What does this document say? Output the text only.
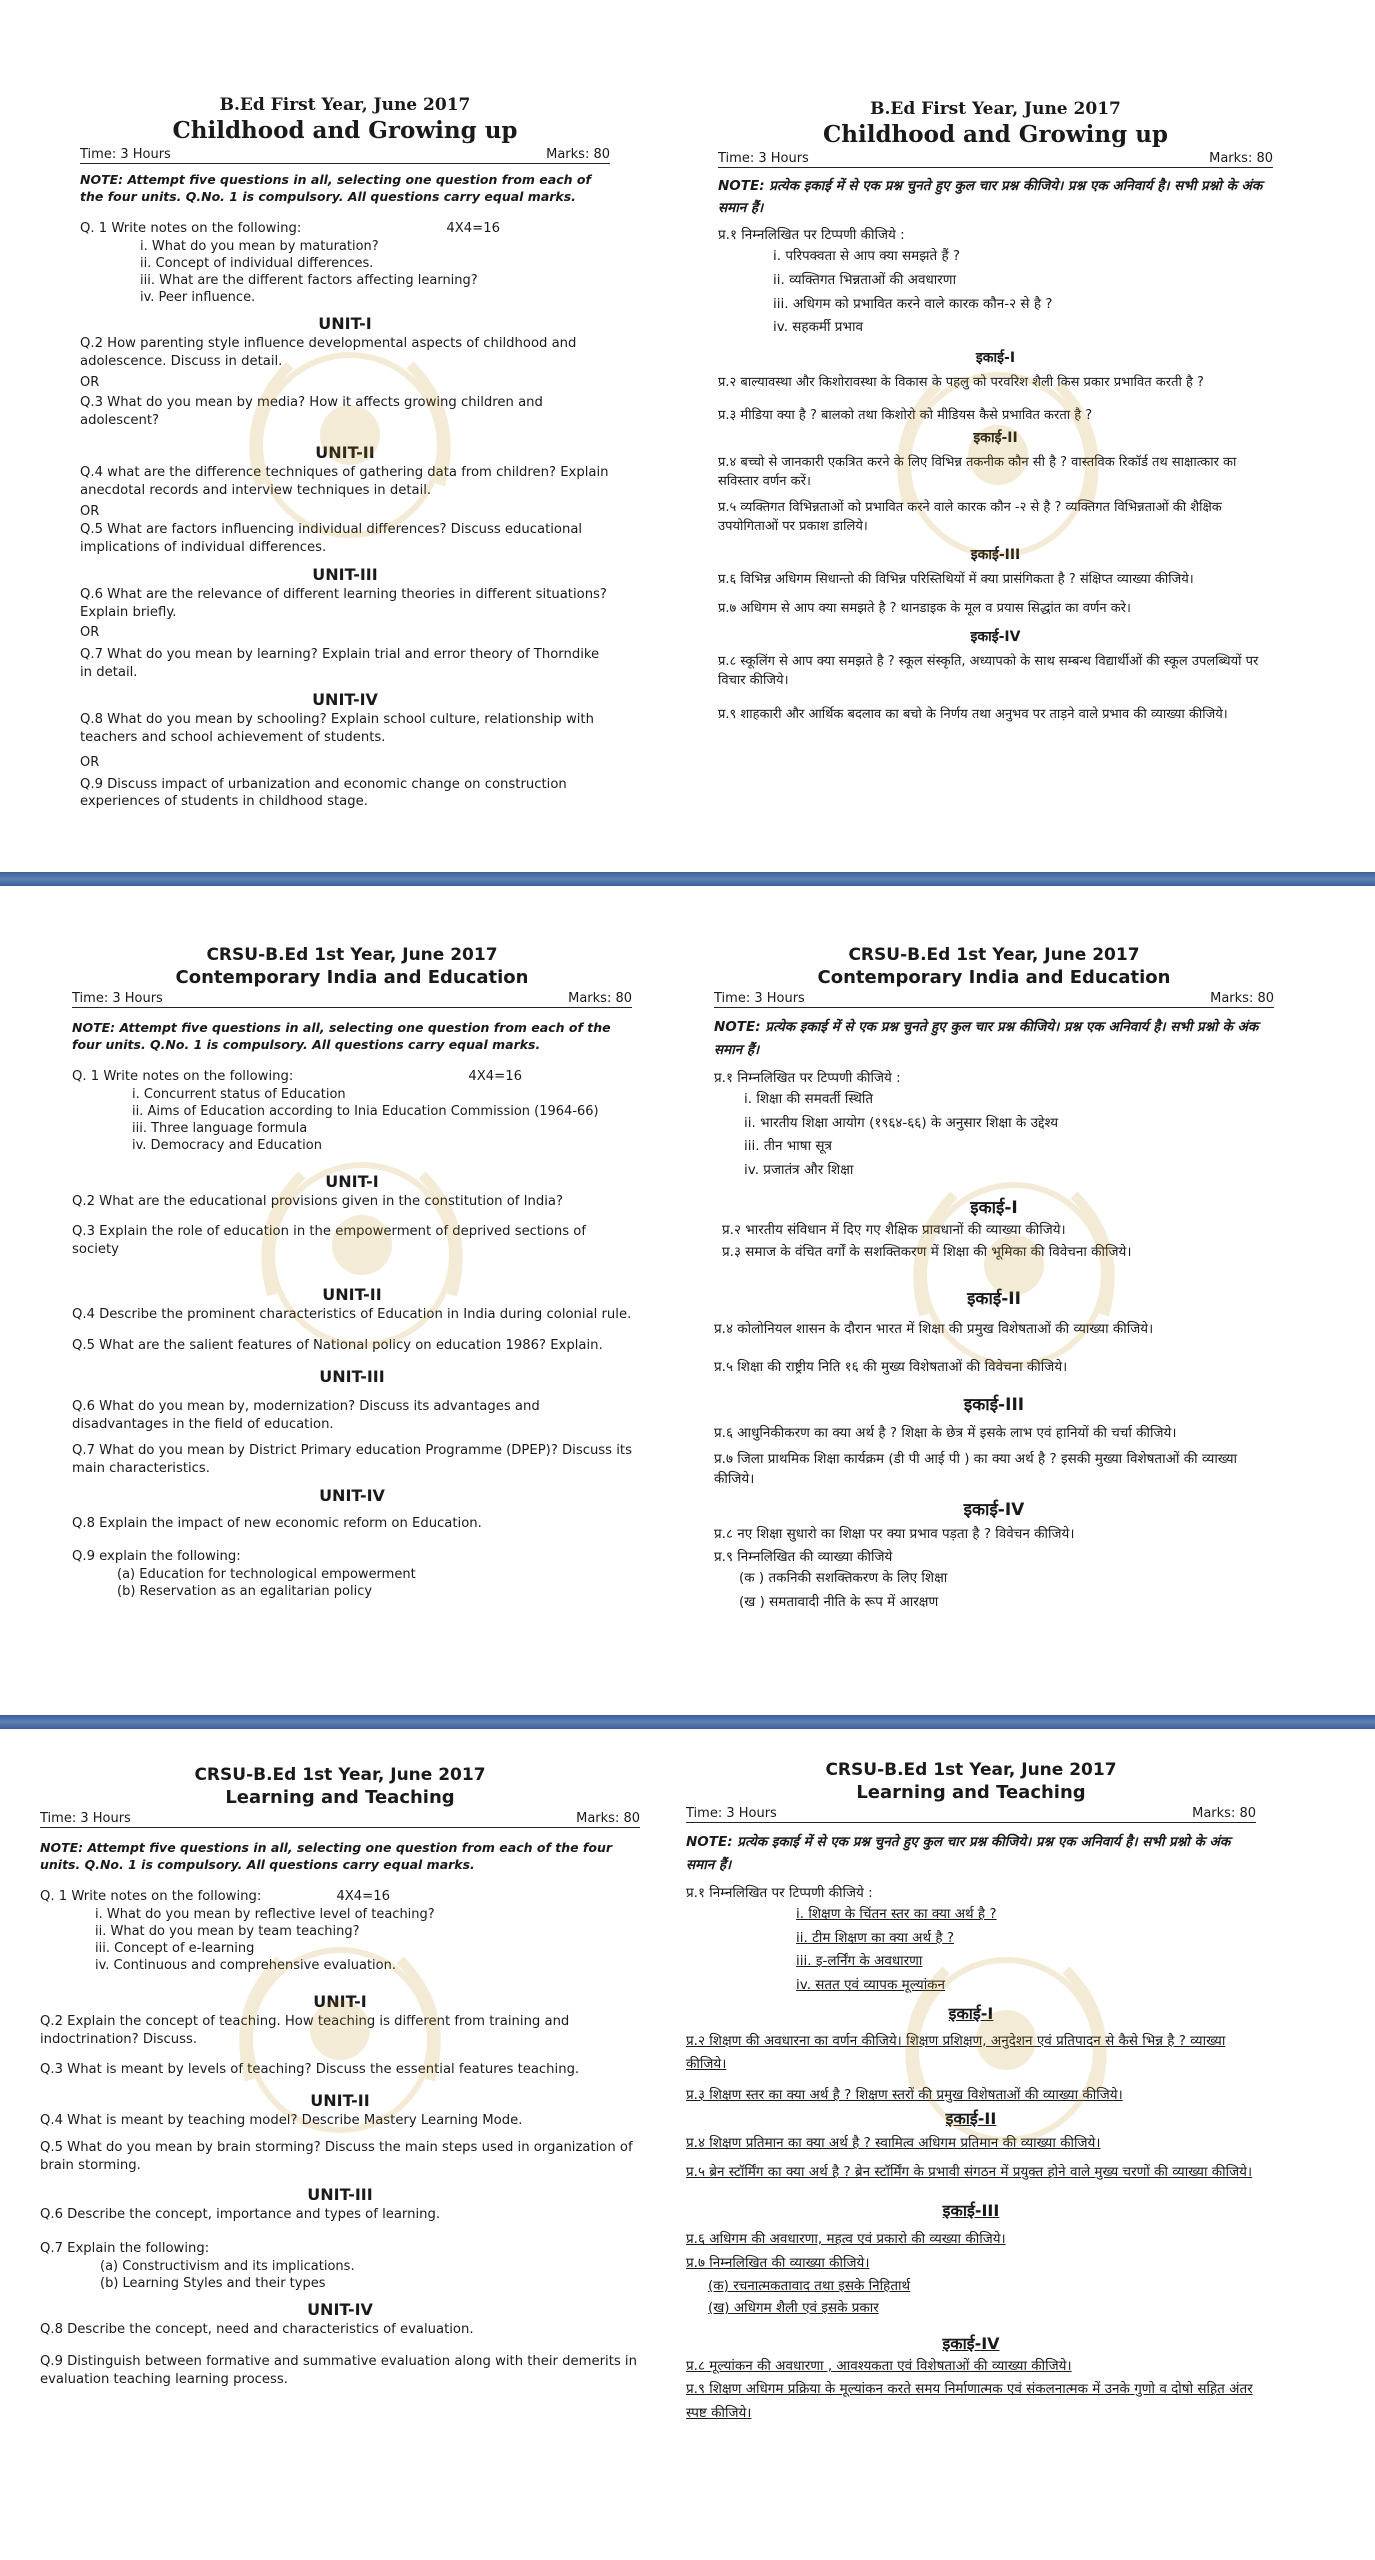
B.Ed First Year, June 2017
Childhood and Growing up
Time: 3 Hours	Marks: 80
NOTE: Attempt five questions in all, selecting one question from each of the four units. Q.No. 1 is compulsory. All questions carry equal marks.
Q. 1 Write notes on the following:	4X4=16
i. What do you mean by maturation?
ii. Concept of individual differences.
iii. What are the different factors affecting learning?
iv. Peer influence.
UNIT-I
Q.2 How parenting style influence developmental aspects of childhood and adolescence. Discuss in detail.
OR
Q.3 What do you mean by media? How it affects growing children and adolescent?
UNIT-II
Q.4 what are the difference techniques of gathering data from children? Explain anecdotal records and interview techniques in detail.
OR
Q.5 What are factors influencing individual differences? Discuss educational implications of individual differences.
UNIT-III
Q.6 What are the relevance of different learning theories in different situations? Explain briefly.
OR
Q.7 What do you mean by learning? Explain trial and error theory of Thorndike in detail.
UNIT-IV
Q.8 What do you mean by schooling? Explain school culture, relationship with teachers and school achievement of students.
OR
Q.9 Discuss impact of urbanization and economic change on construction experiences of students in childhood stage.
B.Ed First Year, June 2017
Childhood and Growing up
Time: 3 Hours	Marks: 80
NOTE: प्रत्येक इकाई में से एक प्रश्न चुनते हुए कुल चार प्रश्न कीजिये। प्रश्न एक अनिवार्य है। सभी प्रश्नो के अंक समान हैं।
प्र.१ निम्नलिखित पर टिप्पणी कीजिये :
i. परिपक्वता से आप क्या समझते हैं ?
ii. व्यक्तिगत भिन्नताओं की अवधारणा
iii. अधिगम को प्रभावित करने वाले कारक कौन-२ से है ?
iv. सहकर्मी प्रभाव
इकाई-I
प्र.२ बाल्यावस्था और किशोरावस्था के विकास के पहलु को परवरिश शैली किस प्रकार प्रभावित करती है ?
प्र.३ मीडिया क्या है ? बालको तथा किशोरो को मीडियस कैसे प्रभावित करता है ?
इकाई-II
प्र.४ बच्चो से जानकारी एकत्रित करने के लिए विभिन्न तकनीक कौन सी है ? वास्तविक रिकॉर्ड तथ साक्षात्कार का सविस्तार वर्णन करें।
प्र.५ व्यक्तिगत विभिन्नताओं को प्रभावित करने वाले कारक कौन -२ से है ? व्यक्तिगत विभिन्नताओं की शैक्षिक उपयोगिताओं पर प्रकाश डालिये।
इकाई-III
प्र.६ विभिन्न अधिगम सिधान्तो की विभिन्न परिस्तिथियों में क्या प्रासंगिकता है ? संक्षिप्त व्याख्या कीजिये।
प्र.७ अधिगम से आप क्या समझते है ? थानडाइक के मूल व प्रयास सिद्धांत का वर्णन करे।
इकाई-IV
प्र.८ स्कूलिंग से आप क्या समझते है ? स्कूल संस्कृति, अध्यापको के साथ सम्बन्ध विद्यार्थीओं की स्कूल उपलब्धियों पर विचार कीजिये।
प्र.९ शाहकारी और आर्थिक बदलाव का बचो के निर्णय तथा अनुभव पर ताड़ने वाले प्रभाव की व्याख्या कीजिये।
CRSU-B.Ed 1st Year, June 2017
Contemporary India and Education
Time: 3 Hours	Marks: 80
NOTE: Attempt five questions in all, selecting one question from each of the four units. Q.No. 1 is compulsory. All questions carry equal marks.
Q. 1 Write notes on the following:	4X4=16
i. Concurrent status of Education
ii. Aims of Education according to Inia Education Commission (1964-66)
iii. Three language formula
iv. Democracy and Education
UNIT-I
Q.2 What are the educational provisions given in the constitution of India?
Q.3 Explain the role of education in the empowerment of deprived sections of society
UNIT-II
Q.4 Describe the prominent characteristics of Education in India during colonial rule.
Q.5 What are the salient features of National policy on education 1986? Explain.
UNIT-III
Q.6 What do you mean by, modernization? Discuss its advantages and disadvantages in the field of education.
Q.7 What do you mean by District Primary education Programme (DPEP)? Discuss its main characteristics.
UNIT-IV
Q.8 Explain the impact of new economic reform on Education.
Q.9 explain the following:
(a) Education for technological empowerment
(b) Reservation as an egalitarian policy
CRSU-B.Ed 1st Year, June 2017
Contemporary India and Education
Time: 3 Hours	Marks: 80
NOTE: प्रत्येक इकाई में से एक प्रश्न चुनते हुए कुल चार प्रश्न कीजिये। प्रश्न एक अनिवार्य है। सभी प्रश्नो के अंक समान हैं।
प्र.१ निम्नलिखित पर टिप्पणी कीजिये :
i. शिक्षा की समवर्ती स्थिति
ii. भारतीय शिक्षा आयोग (१९६४-६६) के अनुसार शिक्षा के उद्देश्य
iii. तीन भाषा सूत्र
iv. प्रजातंत्र और शिक्षा
इकाई-I
प्र.२ भारतीय संविधान में दिए गए शैक्षिक प्रावधानों की व्याख्या कीजिये।
प्र.३ समाज के वंचित वर्गों के सशक्तिकरण में शिक्षा की भूमिका की विवेचना कीजिये।
इकाई-II
प्र.४ कोलोनियल शासन के दौरान भारत में शिक्षा की प्रमुख विशेषताओं की व्याख्या कीजिये।
प्र.५ शिक्षा की राष्ट्रीय निति १६ की मुख्य विशेषताओं की विवेचना कीजिये।
इकाई-III
प्र.६ आधुनिकीकरण का क्या अर्थ है ? शिक्षा के छेत्र में इसके लाभ एवं हानियों की चर्चा कीजिये।
प्र.७ जिला प्राथमिक शिक्षा कार्यक्रम (डी पी आई पी ) का क्या अर्थ है ? इसकी मुख्या विशेषताओं की व्याख्या कीजिये।
इकाई-IV
प्र.८ नए शिक्षा सुधारो का शिक्षा पर क्या प्रभाव पड़ता है ? विवेचन कीजिये।
प्र.९ निम्नलिखित की व्याख्या कीजिये
(क ) तकनिकी सशक्तिकरण के लिए शिक्षा
(ख ) समतावादी नीति के रूप में आरक्षण
CRSU-B.Ed 1st Year, June 2017
Learning and Teaching
Time: 3 Hours	Marks: 80
NOTE: Attempt five questions in all, selecting one question from each of the four units. Q.No. 1 is compulsory. All questions carry equal marks.
Q. 1 Write notes on the following:	4X4=16
i. What do you mean by reflective level of teaching?
ii. What do you mean by team teaching?
iii. Concept of e-learning
iv. Continuous and comprehensive evaluation.
UNIT-I
Q.2 Explain the concept of teaching. How teaching is different from training and indoctrination? Discuss.
Q.3 What is meant by levels of teaching? Discuss the essential features teaching.
UNIT-II
Q.4 What is meant by teaching model? Describe Mastery Learning Mode.
Q.5 What do you mean by brain storming? Discuss the main steps used in organization of brain storming.
UNIT-III
Q.6 Describe the concept, importance and types of learning.
Q.7 Explain the following:
(a) Constructivism and its implications.
(b) Learning Styles and their types
UNIT-IV
Q.8 Describe the concept, need and characteristics of evaluation.
Q.9 Distinguish between formative and summative evaluation along with their demerits in evaluation teaching learning process.
CRSU-B.Ed 1st Year, June 2017
Learning and Teaching
Time: 3 Hours	Marks: 80
NOTE: प्रत्येक इकाई में से एक प्रश्न चुनते हुए कुल चार प्रश्न कीजिये। प्रश्न एक अनिवार्य है। सभी प्रश्नो के अंक समान हैं।
प्र.१ निम्नलिखित पर टिप्पणी कीजिये :
i. शिक्षण के चिंतन स्तर का क्या अर्थ है ?
ii. टीम शिक्षण का क्या अर्थ है ?
iii. इ-लर्निंग के अवधारणा
iv. सतत एवं व्यापक मूल्यांकन
इकाई-I
प्र.२ शिक्षण की अवधारना का वर्णन कीजिये। शिक्षण प्रशिक्षण, अनुदेशन एवं प्रतिपादन से कैसे भिन्न है ? व्याख्या कीजिये।
प्र.३ शिक्षण स्तर का क्या अर्थ है ? शिक्षण स्तरों की प्रमुख विशेषताओं की व्याख्या कीजिये।
इकाई-II
प्र.४ शिक्षण प्रतिमान का क्या अर्थ है ? स्वामित्व अधिगम प्रतिमान की व्याख्या कीजिये।
प्र.५ ब्रेन स्टॉर्मिंग का क्या अर्थ है ? ब्रेन स्टॉर्मिंग के प्रभावी संगठन में प्रयुक्त होने वाले मुख्य चरणों की व्याख्या कीजिये।
इकाई-III
प्र.६ अधिगम की अवधारणा, महत्व एवं प्रकारो की व्यख्या कीजिये।
प्र.७ निम्नलिखित की व्याख्या कीजिये।
(क) रचनात्मकतावाद तथा इसके निहितार्थ
(ख) अधिगम शैली एवं इसके प्रकार
इकाई-IV
प्र.८ मूल्यांकन की अवधारणा , आवश्यकता एवं विशेषताओं की व्याख्या कीजिये।
प्र.९ शिक्षण अधिगम प्रक्रिया के मूल्यांकन करते समय निर्माणात्मक एवं संकलनात्मक में उनके गुणो व दोषो सहित अंतर स्पष्ट कीजिये।
